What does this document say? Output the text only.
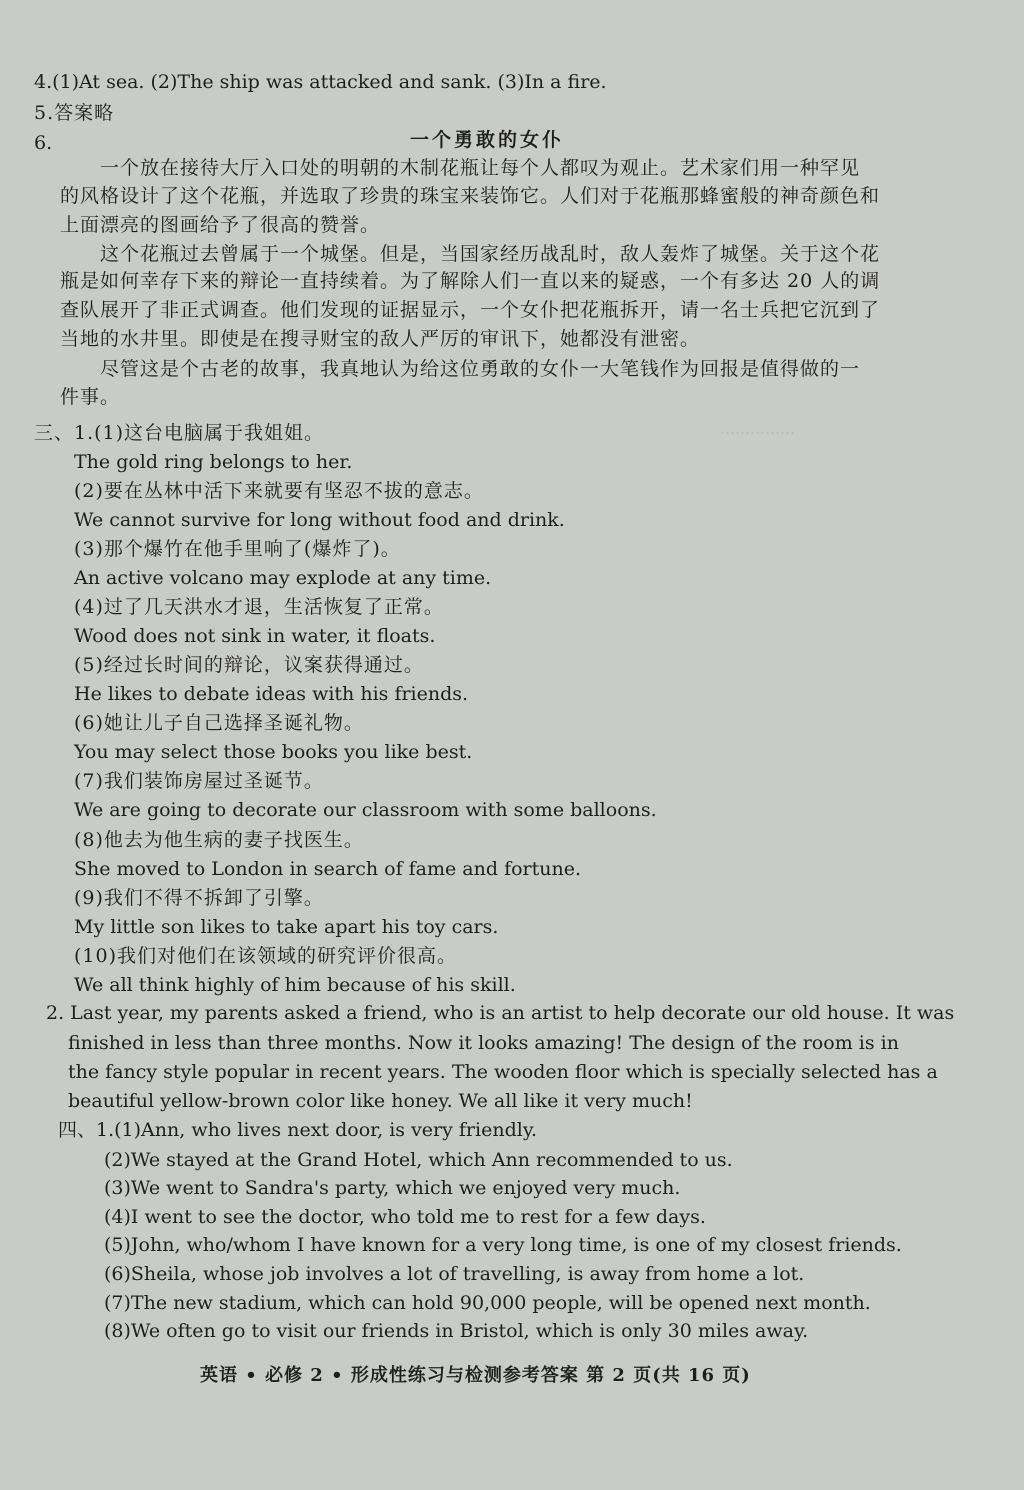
……………
4.(1)At sea. (2)The ship was attacked and sank. (3)In a fire.
5.答案略
6.	一个勇敢的女仆
一个放在接待大厅入口处的明朝的木制花瓶让每个人都叹为观止。艺术家们用一种罕见
的风格设计了这个花瓶，并选取了珍贵的珠宝来装饰它。人们对于花瓶那蜂蜜般的神奇颜色和
上面漂亮的图画给予了很高的赞誉。
这个花瓶过去曾属于一个城堡。但是，当国家经历战乱时，敌人轰炸了城堡。关于这个花
瓶是如何幸存下来的辩论一直持续着。为了解除人们一直以来的疑惑，一个有多达 20 人的调
查队展开了非正式调查。他们发现的证据显示，一个女仆把花瓶拆开，请一名士兵把它沉到了
当地的水井里。即使是在搜寻财宝的敌人严厉的审讯下，她都没有泄密。
尽管这是个古老的故事，我真地认为给这位勇敢的女仆一大笔钱作为回报是值得做的一
件事。
三、1.(1)这台电脑属于我姐姐。
The gold ring belongs to her.
(2)要在丛林中活下来就要有坚忍不拔的意志。
We cannot survive for long without food and drink.
(3)那个爆竹在他手里响了(爆炸了)。
An active volcano may explode at any time.
(4)过了几天洪水才退，生活恢复了正常。
Wood does not sink in water, it floats.
(5)经过长时间的辩论，议案获得通过。
He likes to debate ideas with his friends.
(6)她让儿子自己选择圣诞礼物。
You may select those books you like best.
(7)我们装饰房屋过圣诞节。
We are going to decorate our classroom with some balloons.
(8)他去为他生病的妻子找医生。
She moved to London in search of fame and fortune.
(9)我们不得不拆卸了引擎。
My little son likes to take apart his toy cars.
(10)我们对他们在该领域的研究评价很高。
We all think highly of him because of his skill.
2. Last year, my parents asked a friend, who is an artist to help decorate our old house. It was
finished in less than three months. Now it looks amazing! The design of the room is in
the fancy style popular in recent years. The wooden floor which is specially selected has a
beautiful yellow-brown color like honey. We all like it very much!
四、1.(1)Ann, who lives next door, is very friendly.
(2)We stayed at the Grand Hotel, which Ann recommended to us.
(3)We went to Sandra's party, which we enjoyed very much.
(4)I went to see the doctor, who told me to rest for a few days.
(5)John, who/whom I have known for a very long time, is one of my closest friends.
(6)Sheila, whose job involves a lot of travelling, is away from home a lot.
(7)The new stadium, which can hold 90,000 people, will be opened next month.
(8)We often go to visit our friends in Bristol, which is only 30 miles away.
英语 • 必修 2 • 形成性练习与检测参考答案 第 2 页(共 16 页)
